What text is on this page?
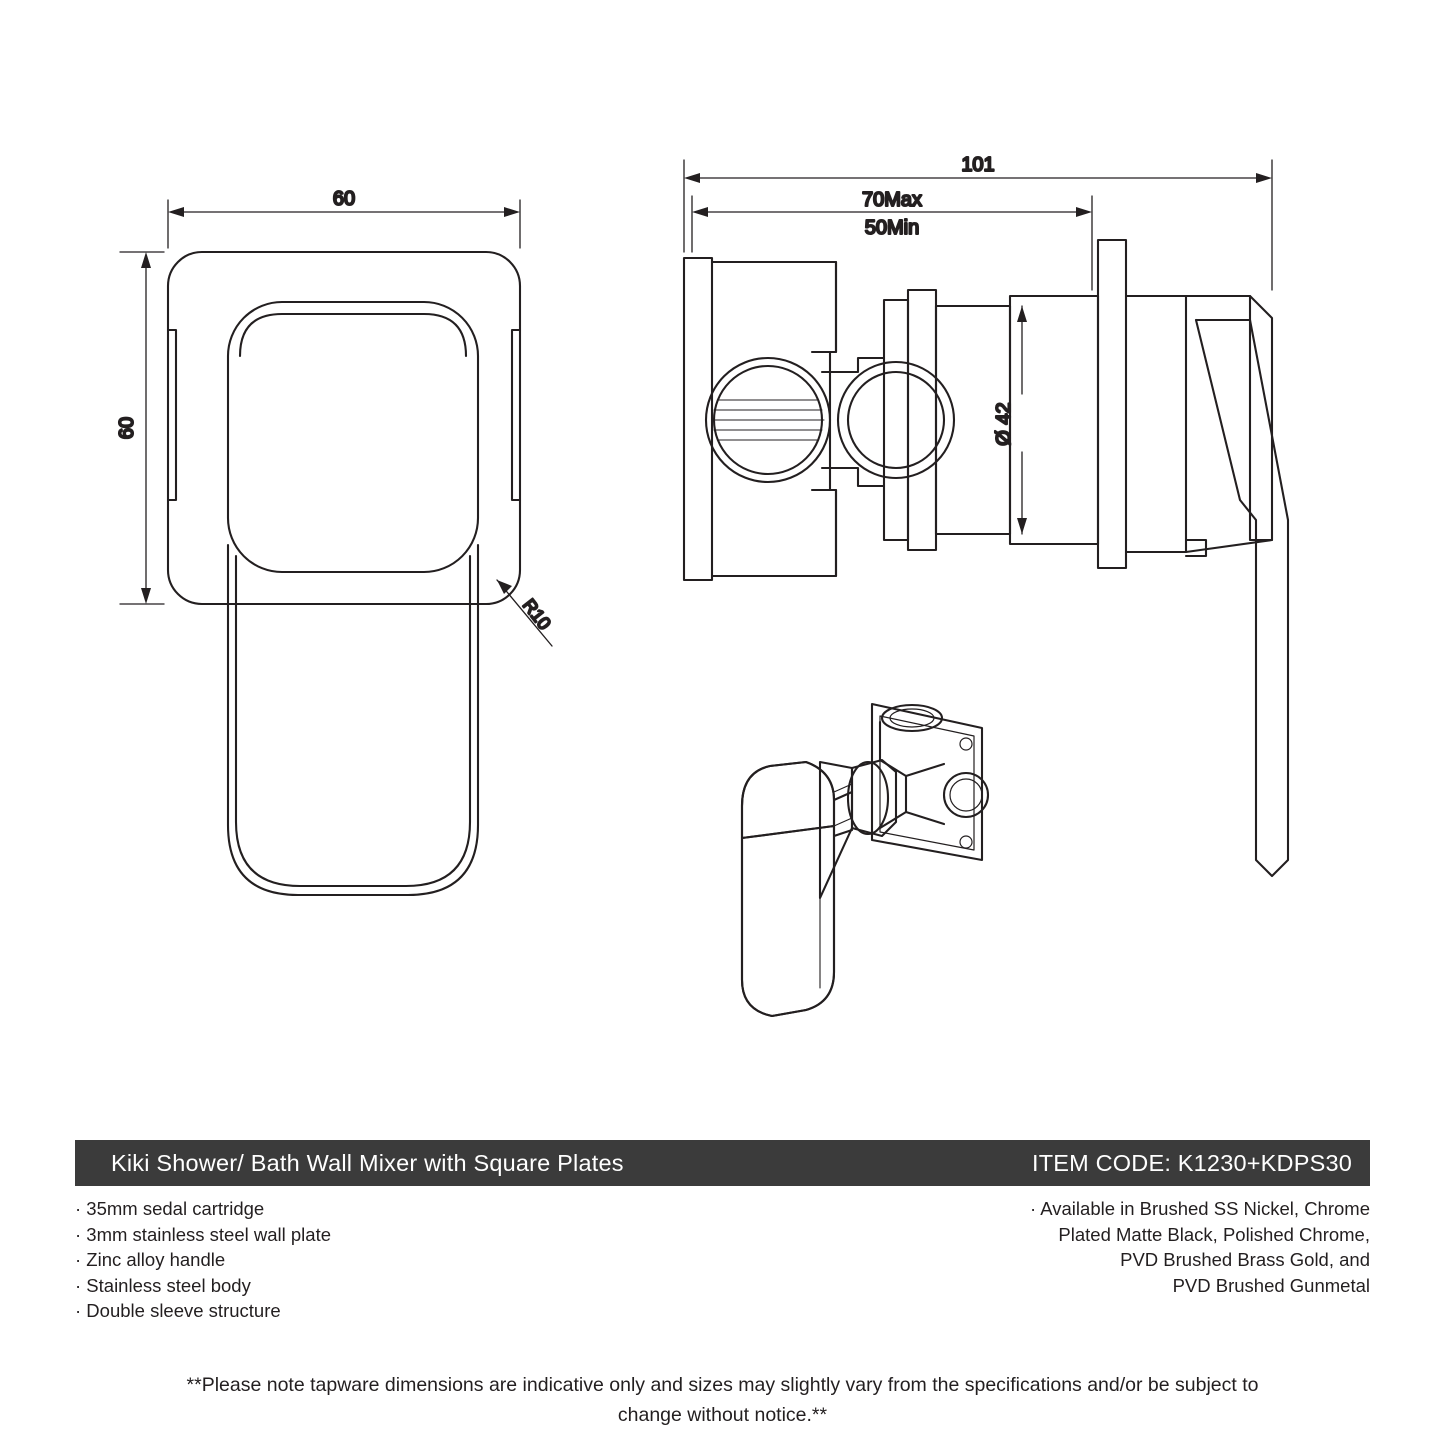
60
60
R10
101
70Max
50Min
Ø 42
Kiki Shower/ Bath Wall Mixer with Square Plates	ITEM CODE: K1230+KDPS30
· 35mm sedal cartridge
· 3mm stainless steel wall plate
· Zinc alloy handle
· Stainless steel body
· Double sleeve structure
· Available in Brushed SS Nickel, Chrome
Plated Matte Black, Polished Chrome,
PVD Brushed Brass Gold, and
PVD Brushed Gunmetal
**Please note tapware dimensions are indicative only and sizes may slightly vary from the specifications and/or be subject to change without notice.**
